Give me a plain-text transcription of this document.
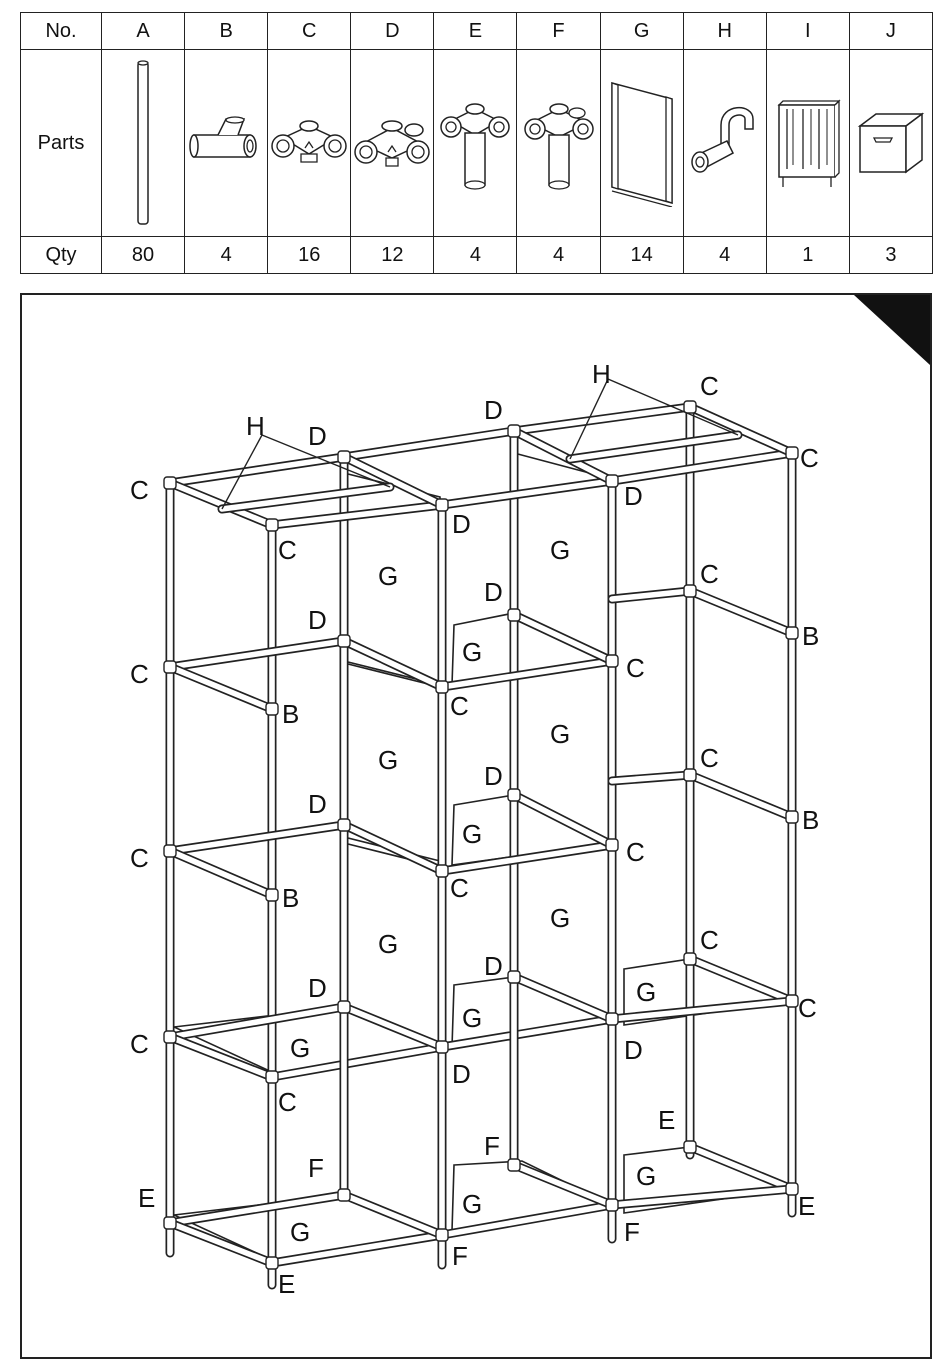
No.	A	B	C	D	E	F	G	H	I	J
Parts	

Qty	80	4	16	12	4	4	14	4	1	3
C
C
C
C
C
C
C
C
C
C
C
C
C
C
C
C
D
D
D
D
D
D
D
D
D
D
D
D
B
B
B
B
E
E
E
E
F
F
F
F
H
H
G
G
G
G
G
G
G
G
G
G
G
G
G
G
